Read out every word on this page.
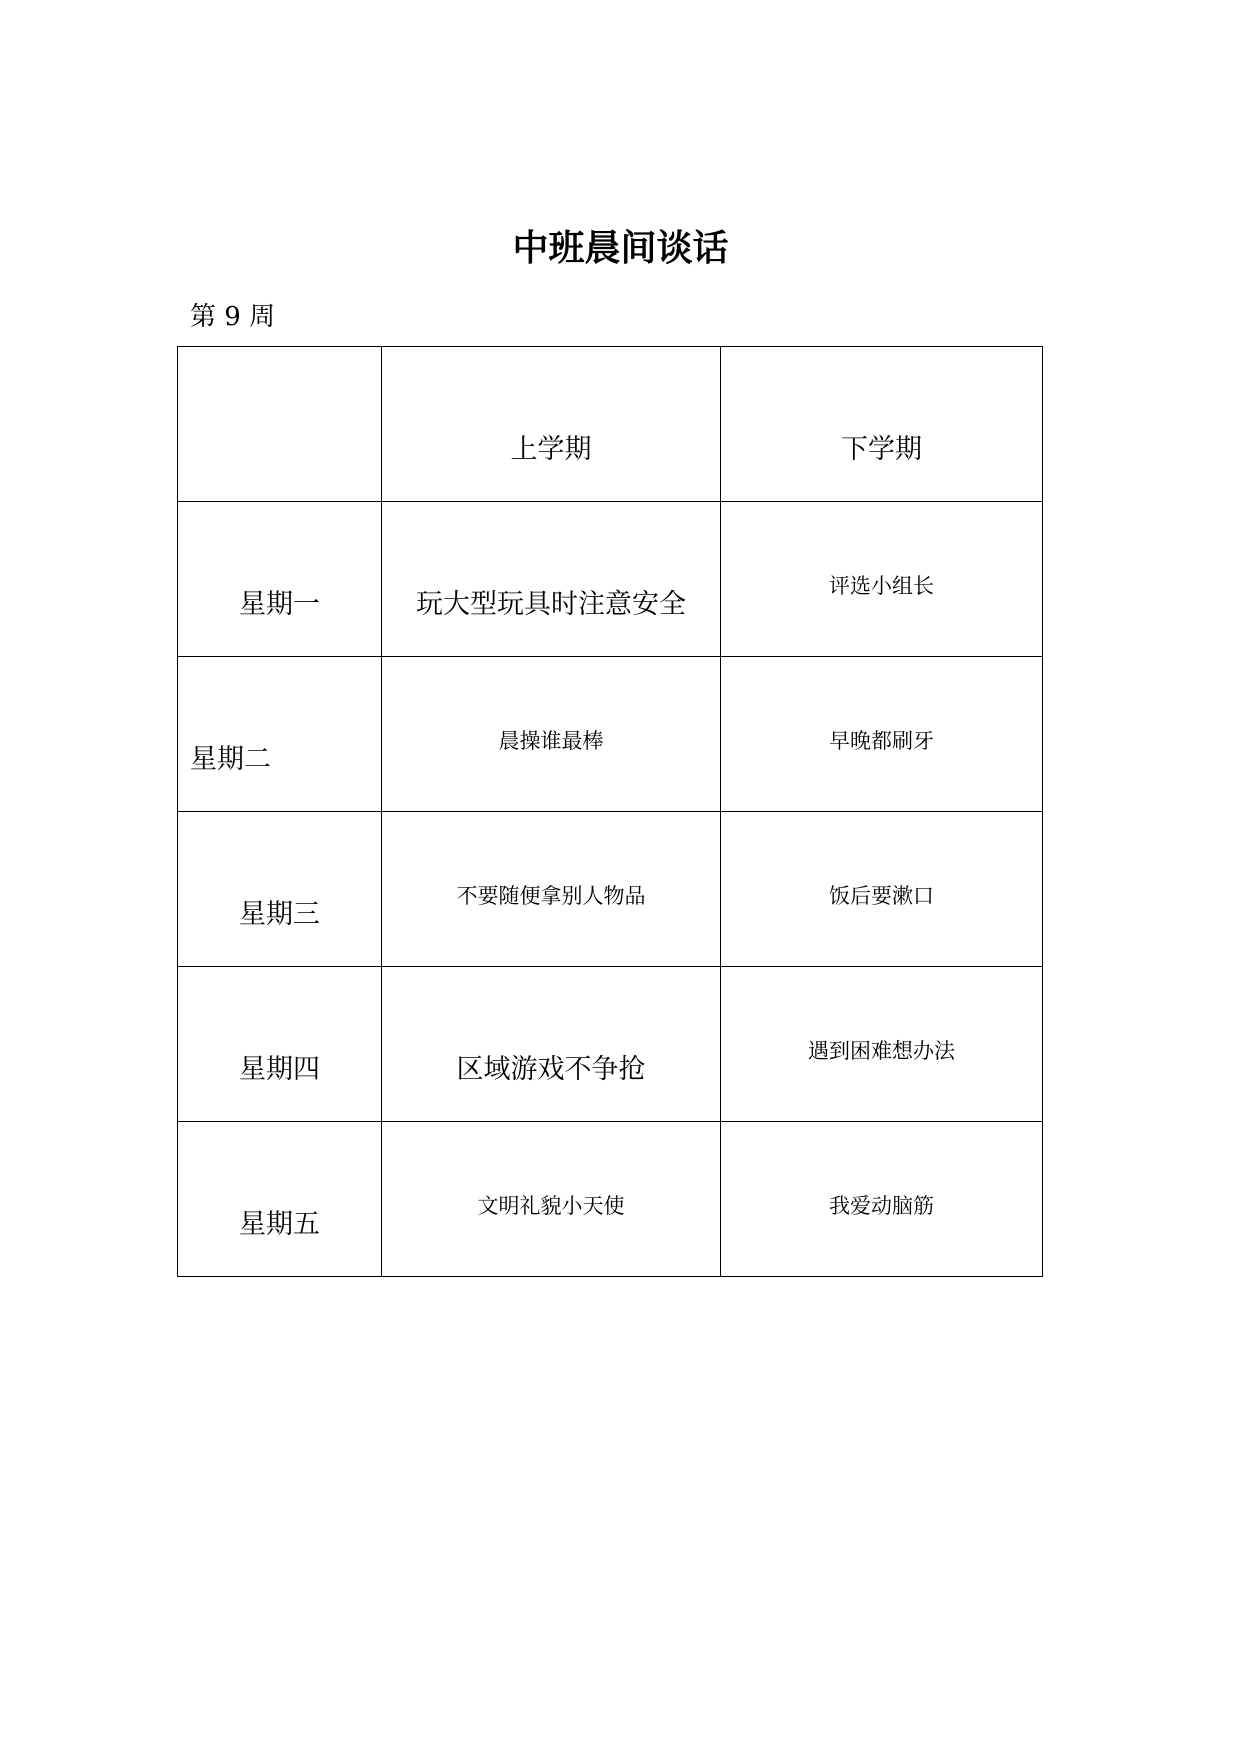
中班晨间谈话
第 9 周

	上学期	下学期

星期一	玩大型玩具时注意安全	评选小组长

星期二	晨操谁最棒	早晚都刷牙

星期三	不要随便拿别人物品	饭后要漱口

星期四	区域游戏不争抢	遇到困难想办法

星期五	文明礼貌小天使	我爱动脑筋
